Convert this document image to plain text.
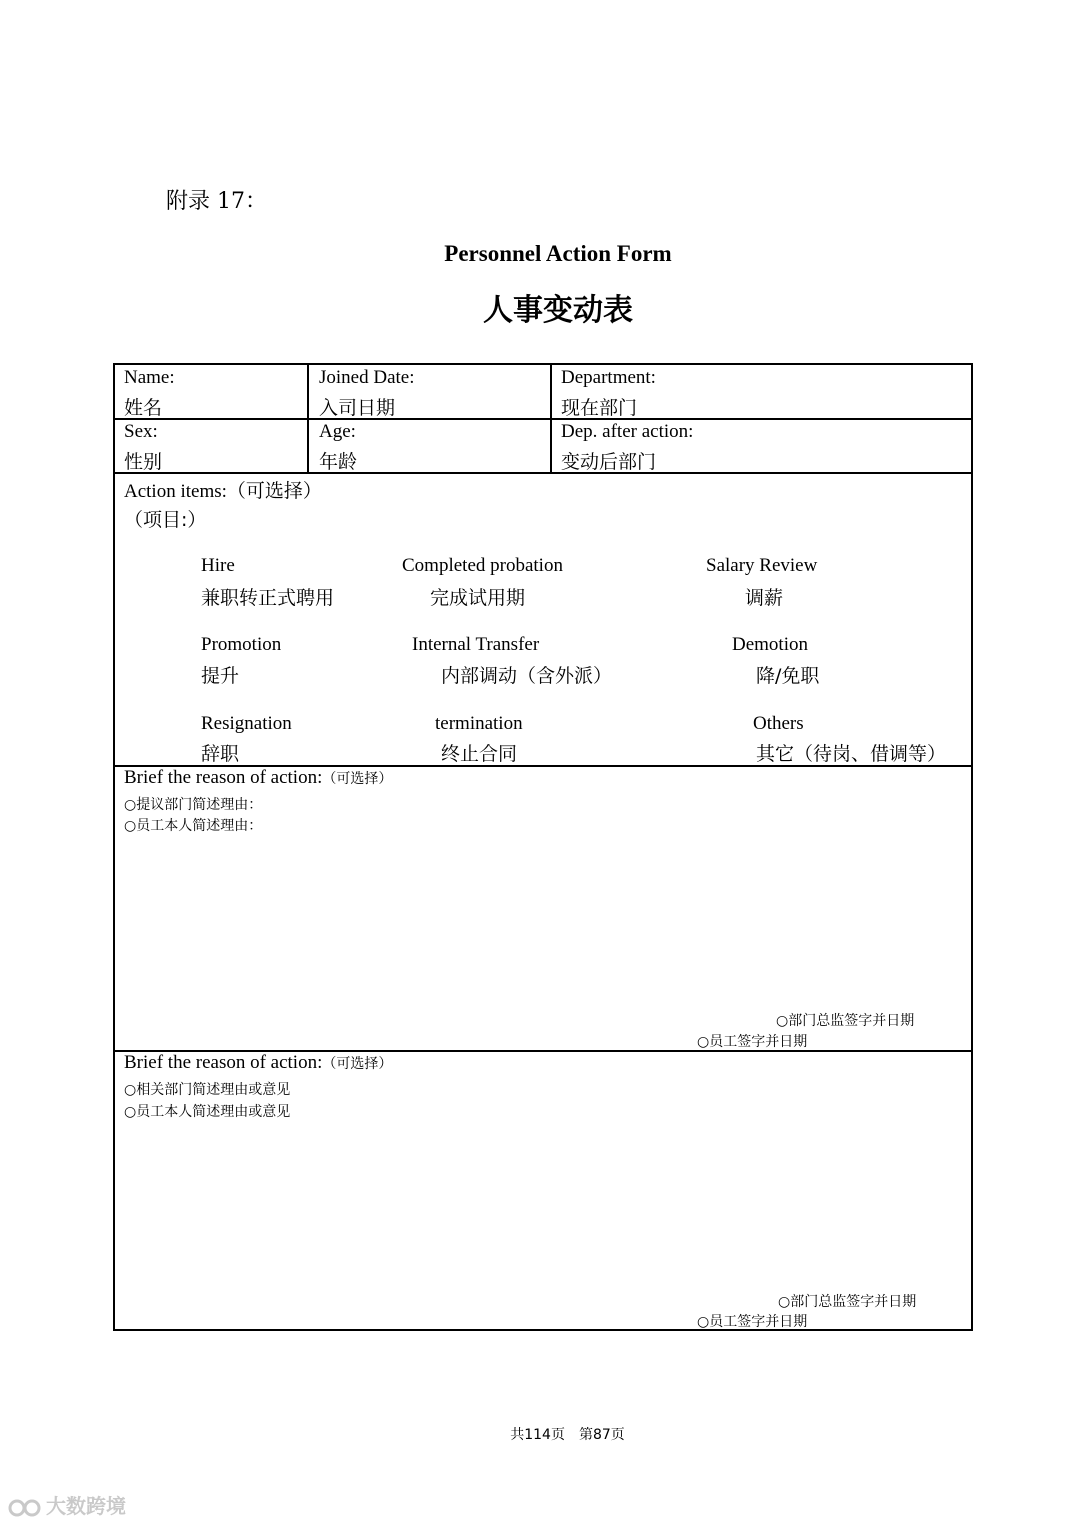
附录 17：
Personnel Action Form
人事变动表
Name:
姓名
Joined Date:
入司日期
Department:
现在部门
Sex:
性别
Age:
年龄
Dep. after action:
变动后部门
Action items:（可选择）
（项目:）
Hire
兼职转正式聘用
Completed probation
完成试用期
Salary Review
调薪
Promotion
提升
Internal Transfer
内部调动（含外派）
Demotion
降/免职
Resignation
辞职
termination
终止合同
Others
其它（待岗、借调等）
Brief the reason of action:（可选择）
○提议部门简述理由：
○员工本人简述理由：
○部门总监签字并日期
○员工签字并日期
Brief the reason of action:（可选择）
○相关部门简述理由或意见
○员工本人简述理由或意见
○部门总监签字并日期
○员工签字并日期
共114页　第87页
大数跨境
